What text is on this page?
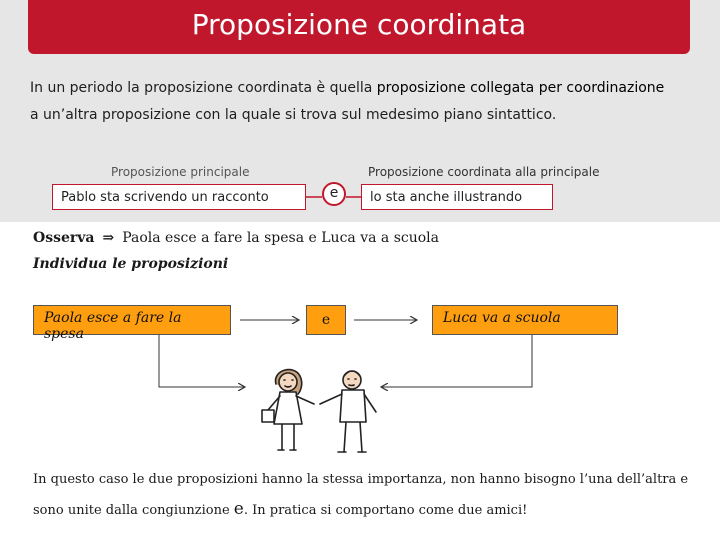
Proposizione coordinata
In un periodo la proposizione coordinata è quella proposizione collegata per coordinazione
a un’altra proposizione con la quale si trova sul medesimo piano sintattico.
Proposizione principale	Proposizione coordinata alla principale
Pablo sta scrivendo un racconto	e	lo sta anche illustrando
Osserva ⇒ Paola esce a fare la spesa e Luca va a scuola
Individua le proposizioni
Paola esce a fare la spesa
e	Luca va a scuola
In questo caso le due proposizioni hanno la stessa importanza, non hanno bisogno l’una dell’altra e
sono unite dalla congiunzione e. In pratica si comportano come due amici!
